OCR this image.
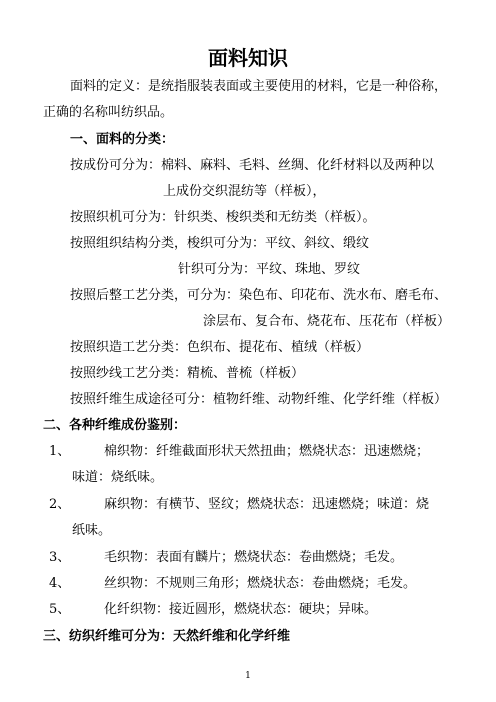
面料知识
面料的定义：是统指服装表面或主要使用的材料，它是一种俗称，
正确的名称叫纺织品。
一、面料的分类：
按成份可分为：棉料、麻料、毛料、丝绸、化纤材料以及两种以
上成份交织混纺等（样板），
按照织机可分为：针织类、梭织类和无纺类（样板）。
按照组织结构分类，梭织可分为：平纹、斜纹、缎纹
针织可分为：平纹、珠地、罗纹
按照后整工艺分类，可分为：染色布、印花布、洗水布、磨毛布、
涂层布、复合布、烧花布、压花布（样板）
按照织造工艺分类：色织布、提花布、植绒（样板）
按照纱线工艺分类：精梳、普梳（样板）
按照纤维生成途径可分：植物纤维、动物纤维、化学纤维（样板）
二、各种纤维成份鉴别：
1、	棉织物：纤维截面形状天然扭曲；燃烧状态：迅速燃烧；
味道：烧纸味。
2、	麻织物：有横节、竖纹；燃烧状态：迅速燃烧；味道：烧
纸味。
3、	毛织物：表面有麟片；燃烧状态：卷曲燃烧；毛发。
4、	丝织物：不规则三角形；燃烧状态：卷曲燃烧；毛发。
5、	化纤织物：接近圆形，燃烧状态：硬块；异味。
三、纺织纤维可分为：天然纤维和化学纤维
1
